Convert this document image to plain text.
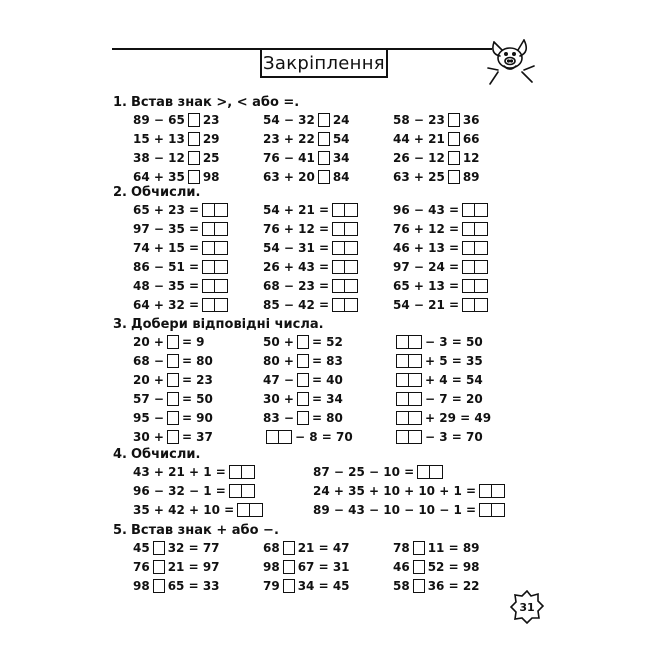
Закріплення
1. Встав знак >, < або =.
89 − 65 23	54 − 32 24	58 − 23 36
15 + 13 29	23 + 22 54	44 + 21 66
38 − 12 25	76 − 41 34	26 − 12 12
64 + 35 98	63 + 20 84	63 + 25 89
2. Обчисли.
65 + 23 =	54 + 21 =	96 − 43 =
97 − 35 =	76 + 12 =	76 + 12 =
74 + 15 =	54 − 31 =	46 + 13 =
86 − 51 =	26 + 43 =	97 − 24 =
48 − 35 =	68 − 23 =	65 + 13 =
64 + 32 =	85 − 42 =	54 − 21 =
3. Добери відповідні числа.
20 + = 9	50 + = 52	− 3 = 50
68 − = 80	80 + = 83	+ 5 = 35
20 + = 23	47 − = 40	+ 4 = 54
57 − = 50	30 + = 34	− 7 = 20
95 − = 90	83 − = 80	+ 29 = 49
30 + = 37	− 8 = 70	− 3 = 70
4. Обчисли.
43 + 21 + 1 =	87 − 25 − 10 =
96 − 32 − 1 =	24 + 35 + 10 + 10 + 1 =
35 + 42 + 10 =	89 − 43 − 10 − 10 − 1 =
5. Встав знак + або −.
45 32 = 77	68 21 = 47	78 11 = 89
76 21 = 97	98 67 = 31	46 52 = 98
98 65 = 33	79 34 = 45	58 36 = 22
31
